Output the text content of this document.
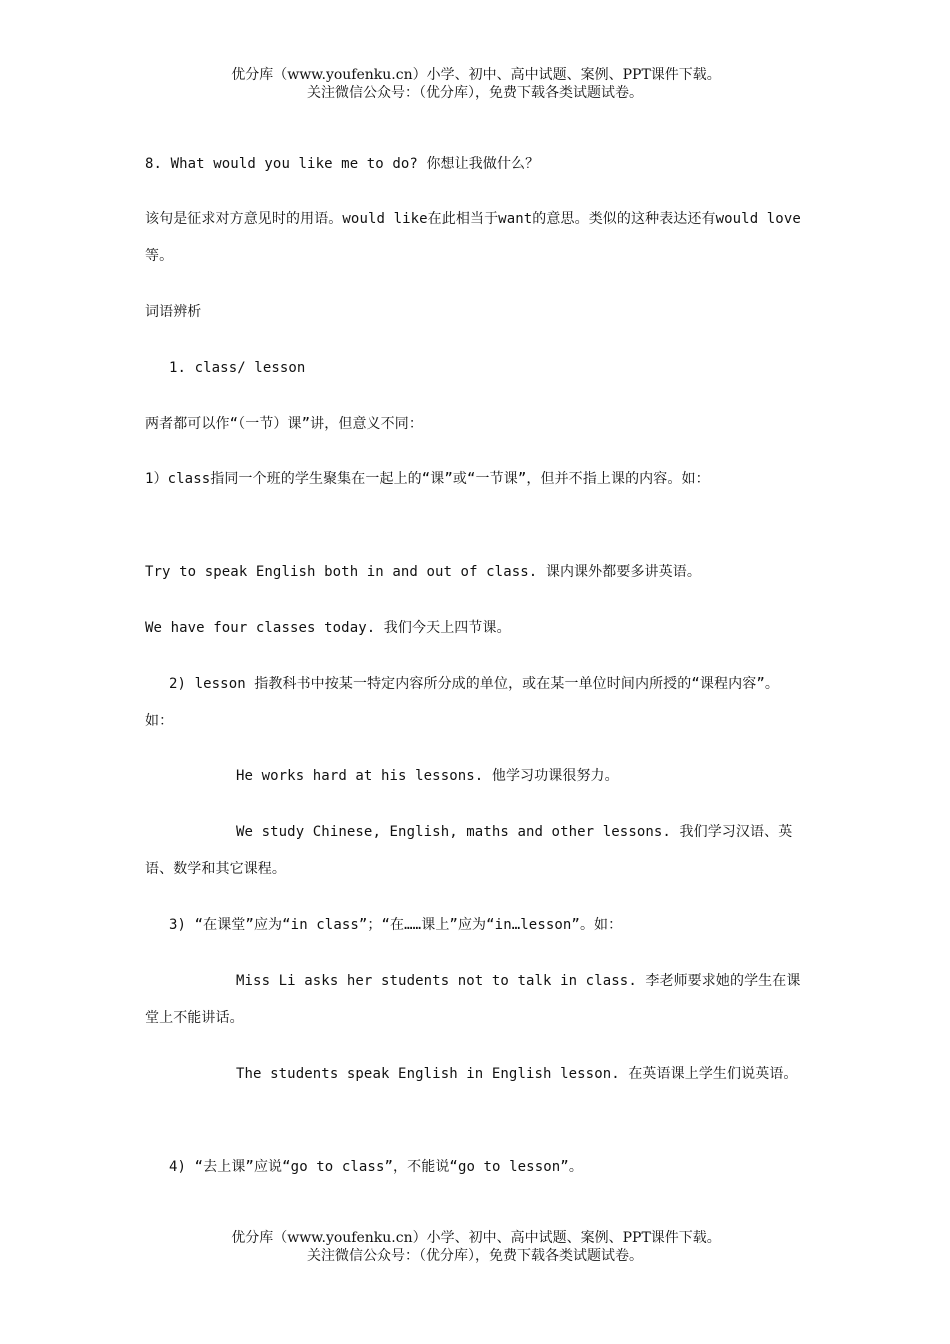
优分库（www.youfenku.cn）小学、初中、高中试题、案例、PPT课件下载。
关注微信公众号：（优分库），免费下载各类试题试卷。
8. What would you like me to do? 你想让我做什么？
该句是征求对方意见时的用语。would like在此相当于want的意思。类似的这种表达还有would love等。
词语辨析
1. class/ lesson
两者都可以作“（一节）课”讲，但意义不同：
1）class指同一个班的学生聚集在一起上的“课”或“一节课”，但并不指上课的内容。如：
Try to speak English both in and out of class. 课内课外都要多讲英语。
We have four classes today. 我们今天上四节课。
2) lesson 指教科书中按某一特定内容所分成的单位，或在某一单位时间内所授的“课程内容”。如：
He works hard at his lessons. 他学习功课很努力。
We study Chinese, English, maths and other lessons. 我们学习汉语、英语、数学和其它课程。
3) “在课堂”应为“in class”；“在……课上”应为“in…lesson”。如：
Miss Li asks her students not to talk in class. 李老师要求她的学生在课堂上不能讲话。
The students speak English in English lesson. 在英语课上学生们说英语。
4) “去上课”应说“go to class”，不能说“go to lesson”。
优分库（www.youfenku.cn）小学、初中、高中试题、案例、PPT课件下载。
关注微信公众号：（优分库），免费下载各类试题试卷。
